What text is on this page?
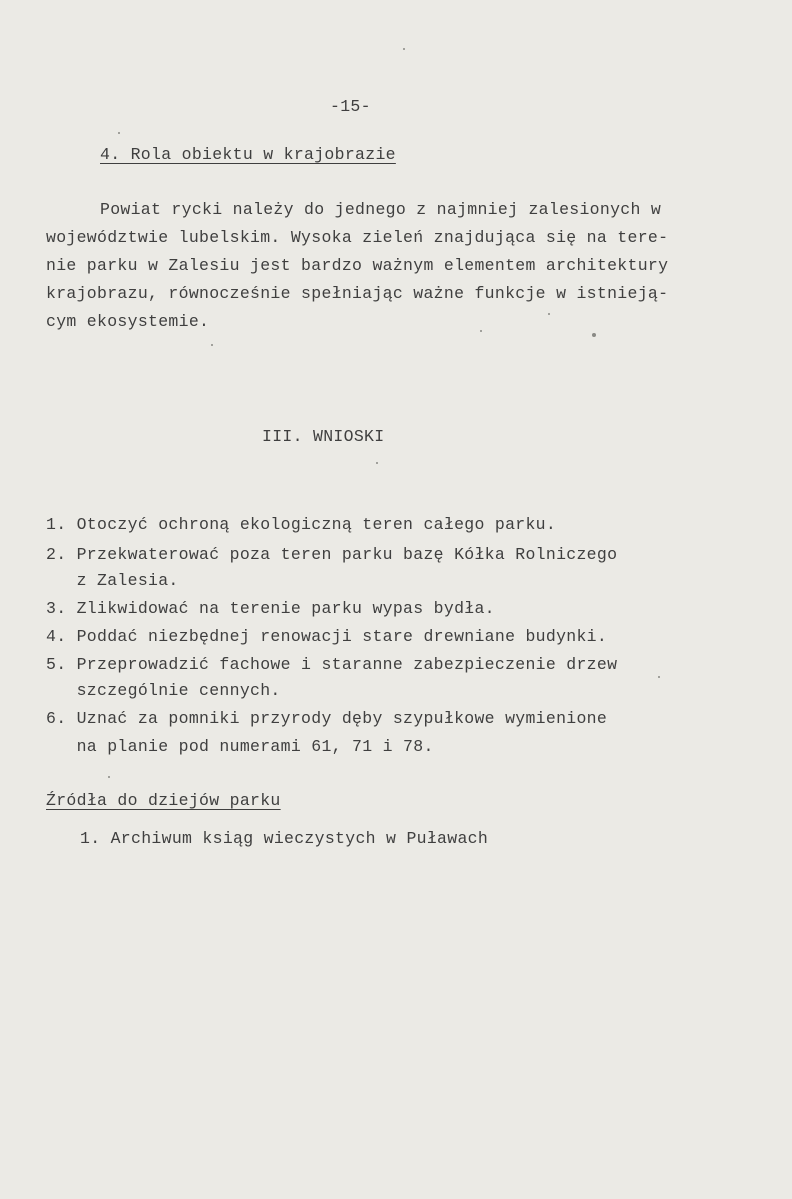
-15-
4. Rola obiektu w krajobrazie
Powiat rycki należy do jednego z najmniej zalesionych w
województwie lubelskim. Wysoka zieleń znajdująca się na tere-
nie parku w Zalesiu jest bardzo ważnym elementem architektury
krajobrazu, równocześnie spełniając ważne funkcje w istnieją-
cym ekosystemie.
III. WNIOSKI
1. Otoczyć ochroną ekologiczną teren całego parku.
2. Przekwaterować poza teren parku bazę Kółka Rolniczego
z Zalesia.
3. Zlikwidować na terenie parku wypas bydła.
4. Poddać niezbędnej renowacji stare drewniane budynki.
5. Przeprowadzić fachowe i staranne zabezpieczenie drzew
szczególnie cennych.
6. Uznać za pomniki przyrody dęby szypułkowe wymienione
na planie pod numerami 61, 71 i 78.
Źródła do dziejów parku
1. Archiwum ksiąg wieczystych w Puławach
